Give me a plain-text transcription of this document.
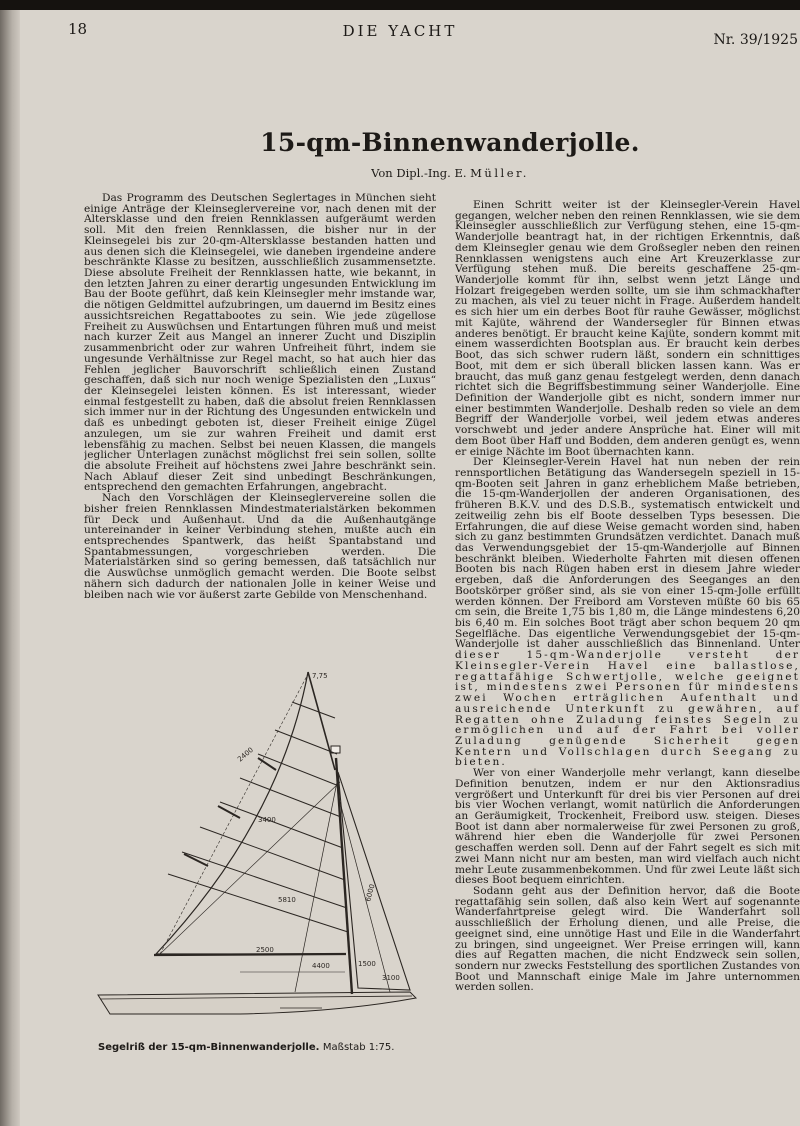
18	DIE YACHT	Nr. 39/1925
15-qm-Binnenwanderjolle.
Von Dipl.-Ing. E. Müller.

Das Programm des Deutschen Seglertages in München sieht einige Anträge der Kleinseglervereine vor, nach denen mit der Altersklasse und den freien Rennklassen aufgeräumt werden soll. Mit den freien Rennklassen, die bisher nur in der Kleinsegelei bis zur 20-qm-Altersklasse bestanden hatten und aus denen sich die Kleinsegelei, wie daneben irgendeine andere beschränkte Klasse zu besitzen, ausschließlich zusammensetzte. Diese absolute Freiheit der Rennklassen hatte, wie bekannt, in den letzten Jahren zu einer derartig ungesunden Entwicklung im Bau der Boote geführt, daß kein Kleinsegler mehr imstande war, die nötigen Geldmittel aufzubringen, um dauernd im Besitz eines aussichtsreichen Regattabootes zu sein. Wie jede zügellose Freiheit zu Auswüchsen und Entartungen führen muß und meist nach kurzer Zeit aus Mangel an innerer Zucht und Disziplin zusammenbricht oder zur wahren Unfreiheit führt, indem sie ungesunde Verhältnisse zur Regel macht, so hat auch hier das Fehlen jeglicher Bauvorschrift schließlich einen Zustand geschaffen, daß sich nur noch wenige Spezialisten den „Luxus“ der Kleinsegelei leisten können. Es ist interessant, wieder einmal festgestellt zu haben, daß die absolut freien Rennklassen sich immer nur in der Richtung des Ungesunden entwickeln und daß es unbedingt geboten ist, dieser Freiheit einige Zügel anzulegen, um sie zur wahren Freiheit und damit erst lebensfähig zu machen. Selbst bei neuen Klassen, die mangels jeglicher Unterlagen zunächst möglichst frei sein sollen, sollte die absolute Freiheit auf höchstens zwei Jahre beschränkt sein. Nach Ablauf dieser Zeit sind unbedingt Beschränkungen, entsprechend den gemachten Erfahrungen, angebracht.

Nach den Vorschlägen der Kleinseglervereine sollen die bisher freien Rennklassen Mindestmaterialstärken bekommen für Deck und Außenhaut. Und da die Außenhautgänge untereinander in keiner Verbindung stehen, mußte auch ein entsprechendes Spantwerk, das heißt Spantabstand und Spantabmessungen, vorgeschrieben werden. Die Materialstärken sind so gering bemessen, daß tatsächlich nur die Auswüchse unmöglich gemacht werden. Die Boote selbst nähern sich dadurch der nationalen Jolle in keiner Weise und bleiben nach wie vor äußerst zarte Gebilde von Menschenhand.

Einen Schritt weiter ist der Kleinsegler-Verein Havel gegangen, welcher neben den reinen Rennklassen, wie sie dem Kleinsegler ausschließlich zur Verfügung stehen, eine 15-qm-Wanderjolle beantragt hat, in der richtigen Erkenntnis, daß dem Kleinsegler genau wie dem Großsegler neben den reinen Rennklassen wenigstens auch eine Art Kreuzerklasse zur Verfügung stehen muß. Die bereits geschaffene 25-qm-Wanderjolle kommt für ihn, selbst wenn jetzt Länge und Holzart freigegeben werden sollte, um sie ihm schmackhafter zu machen, als viel zu teuer nicht in Frage. Außerdem handelt es sich hier um ein derbes Boot für rauhe Gewässer, möglichst mit Kajüte, während der Wandersegler für Binnen etwas anderes benötigt. Er braucht keine Kajüte, sondern kommt mit einem wasserdichten Bootsplan aus. Er braucht kein derbes Boot, das sich schwer rudern läßt, sondern ein schnittiges Boot, mit dem er sich überall blicken lassen kann. Was er braucht, das muß ganz genau festgelegt werden, denn danach richtet sich die Begriffsbestimmung seiner Wanderjolle. Eine Definition der Wanderjolle gibt es nicht, sondern immer nur einer bestimmten Wanderjolle. Deshalb reden so viele an dem Begriff der Wanderjolle vorbei, weil jedem etwas anderes vorschwebt und jeder andere Ansprüche hat. Einer will mit dem Boot über Haff und Bodden, dem anderen genügt es, wenn er einige Nächte im Boot übernachten kann.

Der Kleinsegler-Verein Havel hat nun neben der rein rennsportlichen Betätigung das Wandersegeln speziell in 15-qm-Booten seit Jahren in ganz erheblichem Maße betrieben, die 15-qm-Wanderjollen der anderen Organisationen, des früheren B.K.V. und des D.S.B., systematisch entwickelt und zeitweilig zehn bis elf Boote desselben Typs besessen. Die Erfahrungen, die auf diese Weise gemacht worden sind, haben sich zu ganz bestimmten Grundsätzen verdichtet. Danach muß das Verwendungsgebiet der 15-qm-Wanderjolle auf Binnen beschränkt bleiben. Wiederholte Fahrten mit diesen offenen Booten bis nach Rügen haben erst in diesem Jahre wieder ergeben, daß die Anforderungen des Seeganges an den Bootskörper größer sind, als sie von einer 15-qm-Jolle erfüllt werden können. Der Freibord am Vorsteven müßte 60 bis 65 cm sein, die Breite 1,75 bis 1,80 m, die Länge mindestens 6,20 bis 6,40 m. Ein solches Boot trägt aber schon bequem 20 qm Segelfläche. Das eigentliche Verwendungsgebiet der 15-qm-Wanderjolle ist daher ausschließlich das Binnenland. Unter dieser 15-qm-Wanderjolle versteht der Kleinsegler-Verein Havel eine ballastlose, regattafähige Schwertjolle, welche geeignet ist, mindestens zwei Personen für mindestens zwei Wochen erträglichen Aufenthalt und ausreichende Unterkunft zu gewähren, auf Regatten ohne Zuladung feinstes Segeln zu ermöglichen und auf der Fahrt bei voller Zuladung genügende Sicherheit gegen Kentern und Vollschlagen durch Seegang zu bieten.

Wer von einer Wanderjolle mehr verlangt, kann dieselbe Definition benutzen, indem er nur den Aktionsradius vergrößert und Unterkunft für drei bis vier Personen auf drei bis vier Wochen verlangt, womit natürlich die Anforderungen an Geräumigkeit, Trockenheit, Freibord usw. steigen. Dieses Boot ist dann aber normalerweise für zwei Personen zu groß, während hier eben die Wanderjolle für zwei Personen geschaffen werden soll. Denn auf der Fahrt segelt es sich mit zwei Mann nicht nur am besten, man wird vielfach auch nicht mehr Leute zusammenbekommen. Und für zwei Leute läßt sich dieses Boot bequem einrichten.

Sodann geht aus der Definition hervor, daß die Boote regattafähig sein sollen, daß also kein Wert auf sogenannte Wanderfahrtpreise gelegt wird. Die Wanderfahrt soll ausschließlich der Erholung dienen, und alle Preise, die geeignet sind, eine unnötige Hast und Eile in die Wanderfahrt zu bringen, sind ungeeignet. Wer Preise erringen will, kann dies auf Regatten machen, die nicht Endzweck sein sollen, sondern nur zwecks Feststellung des sportlichen Zustandes von Boot und Mannschaft einige Male im Jahre unternommen werden sollen.

7,75
2400
3400
5810
2500
4400
6000
1500
3100
Segelriß der 15-qm-Binnenwanderjolle. Maßstab 1:75.
